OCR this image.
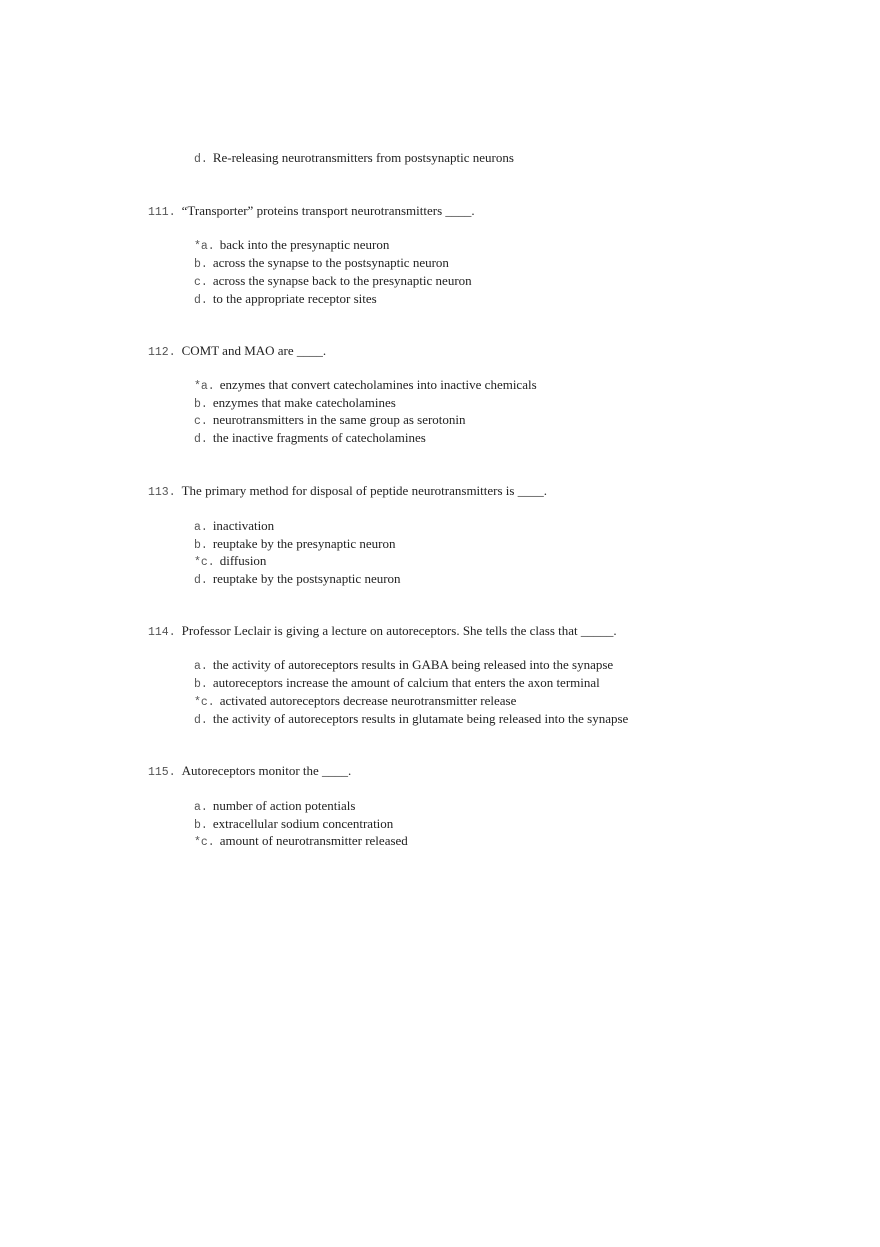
d. Re-releasing neurotransmitters from postsynaptic neurons
111. “Transporter” proteins transport neurotransmitters ____.
*a. back into the presynaptic neuron
b. across the synapse to the postsynaptic neuron
c. across the synapse back to the presynaptic neuron
d. to the appropriate receptor sites
112. COMT and MAO are ____.
*a. enzymes that convert catecholamines into inactive chemicals
b. enzymes that make catecholamines
c. neurotransmitters in the same group as serotonin
d. the inactive fragments of catecholamines
113. The primary method for disposal of peptide neurotransmitters is ____.
a. inactivation
b. reuptake by the presynaptic neuron
*c. diffusion
d. reuptake by the postsynaptic neuron
114. Professor Leclair is giving a lecture on autoreceptors. She tells the class that _____.
a. the activity of autoreceptors results in GABA being released into the synapse
b. autoreceptors increase the amount of calcium that enters the axon terminal
*c. activated autoreceptors decrease neurotransmitter release
d. the activity of autoreceptors results in glutamate being released into the synapse
115. Autoreceptors monitor the ____.
a. number of action potentials
b. extracellular sodium concentration
*c. amount of neurotransmitter released
